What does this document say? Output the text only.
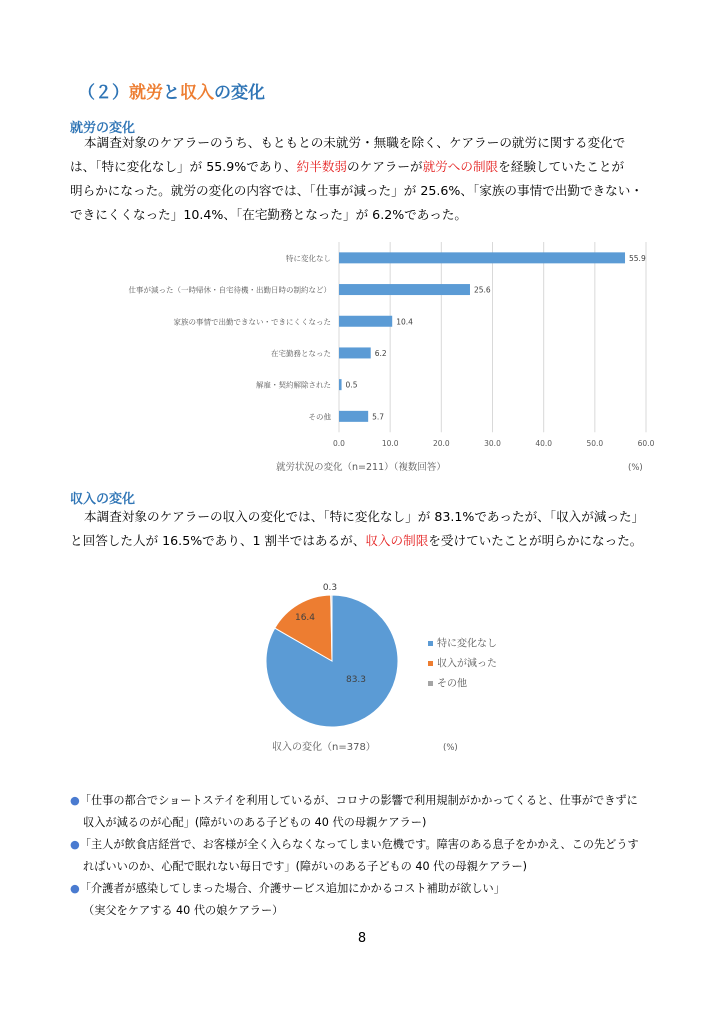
（２）就労と収入の変化
就労の変化
本調査対象のケアラーのうち、もともとの未就労・無職を除く、ケアラーの就労に関する変化で
は、「特に変化なし」が 55.9%であり、約半数弱のケアラーが就労への制限を経験していたことが
明らかになった。就労の変化の内容では、「仕事が減った」が 25.6%、「家族の事情で出勤できない・
できにくくなった」10.4%、「在宅勤務となった」が 6.2%であった。
0.0	10.0	20.0	30.0	40.0	50.0	60.0
特に変化なし	55.9
仕事が減った（一時帰休・自宅待機・出勤日時の制約など）	25.6
家族の事情で出勤できない・できにくくなった	10.4
在宅勤務となった	6.2
解雇・契約解除された 0.5
その他	5.7
就労状況の変化（n=211）（複数回答）	(%)
収入の変化
本調査対象のケアラーの収入の変化では、「特に変化なし」が 83.1%であったが、「収入が減った」
と回答した人が 16.5%であり、1 割半ではあるが、収入の制限を受けていたことが明らかになった。
83.3
16.4
0.3
特に変化なし
収入が減った
その他
収入の変化（n=378）	(%)
●「仕事の都合でショートステイを利用しているが、コロナの影響で利用規制がかかってくると、仕事ができずに
収入が減るのが心配」(障がいのある子どもの 40 代の母親ケアラー)
●「主人が飲食店経営で、お客様が全く入らなくなってしまい危機です。障害のある息子をかかえ、この先どうす
ればいいのか、心配で眠れない毎日です」(障がいのある子どもの 40 代の母親ケアラー)
●「介護者が感染してしまった場合、介護サービス追加にかかるコスト補助が欲しい」
（実父をケアする 40 代の娘ケアラー）
8
